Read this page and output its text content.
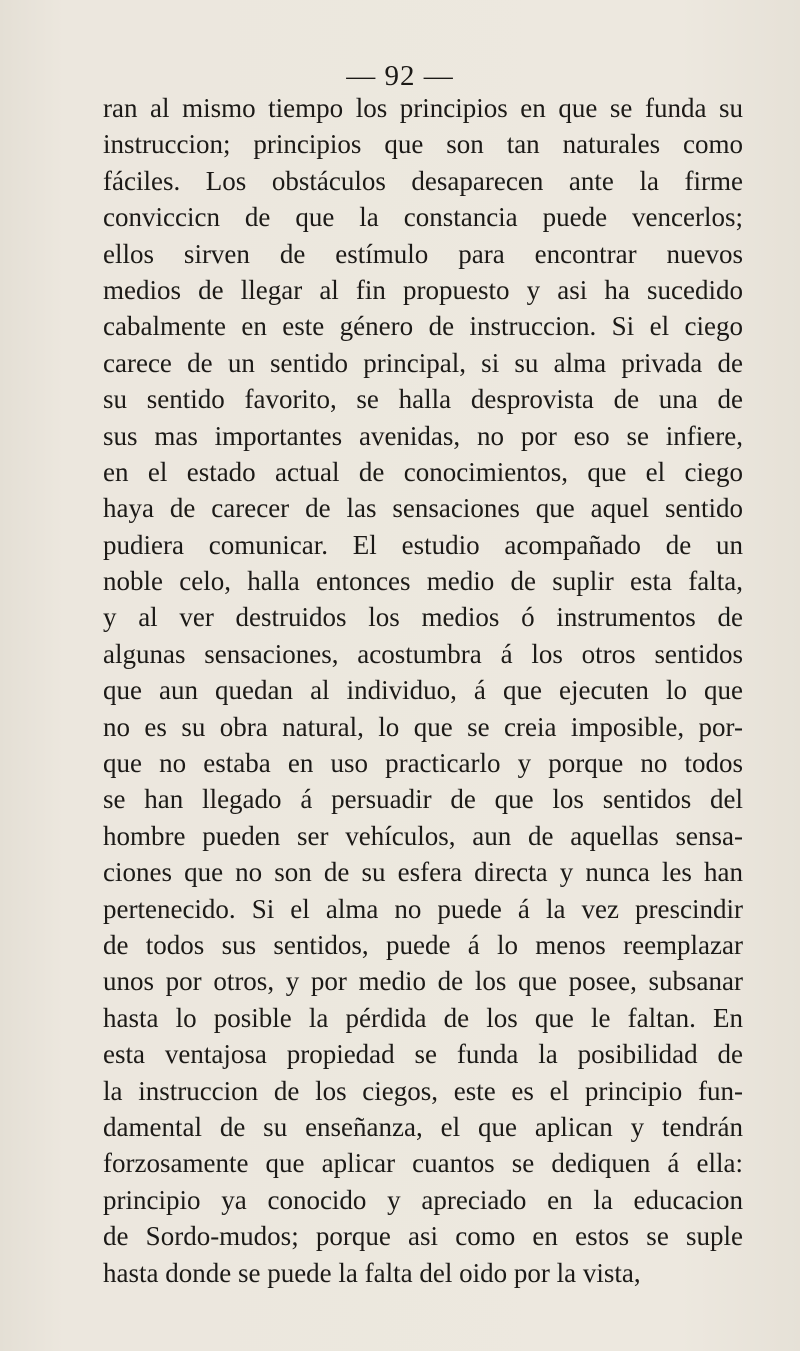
— 92 —
ran al mismo tiempo los principios en que se funda su
instruccion; principios que son tan naturales como
fáciles. Los obstáculos desaparecen ante la firme
conviccicn de que la constancia puede vencerlos;
ellos sirven de estímulo para encontrar nuevos
medios de llegar al fin propuesto y asi ha sucedido
cabalmente en este género de instruccion. Si el ciego
carece de un sentido principal, si su alma privada de
su sentido favorito, se halla desprovista de una de
sus mas importantes avenidas, no por eso se infiere,
en el estado actual de conocimientos, que el ciego
haya de carecer de las sensaciones que aquel sentido
pudiera comunicar. El estudio acompañado de un
noble celo, halla entonces medio de suplir esta falta,
y al ver destruidos los medios ó instrumentos de
algunas sensaciones, acostumbra á los otros sentidos
que aun quedan al individuo, á que ejecuten lo que
no es su obra natural, lo que se creia imposible, por-
que no estaba en uso practicarlo y porque no todos
se han llegado á persuadir de que los sentidos del
hombre pueden ser vehículos, aun de aquellas sensa-
ciones que no son de su esfera directa y nunca les han
pertenecido. Si el alma no puede á la vez prescindir
de todos sus sentidos, puede á lo menos reemplazar
unos por otros, y por medio de los que posee, subsanar
hasta lo posible la pérdida de los que le faltan. En
esta ventajosa propiedad se funda la posibilidad de
la instruccion de los ciegos, este es el principio fun-
damental de su enseñanza, el que aplican y tendrán
forzosamente que aplicar cuantos se dediquen á ella:
principio ya conocido y apreciado en la educacion
de Sordo-mudos; porque asi como en estos se suple
hasta donde se puede la falta del oido por la vista,
